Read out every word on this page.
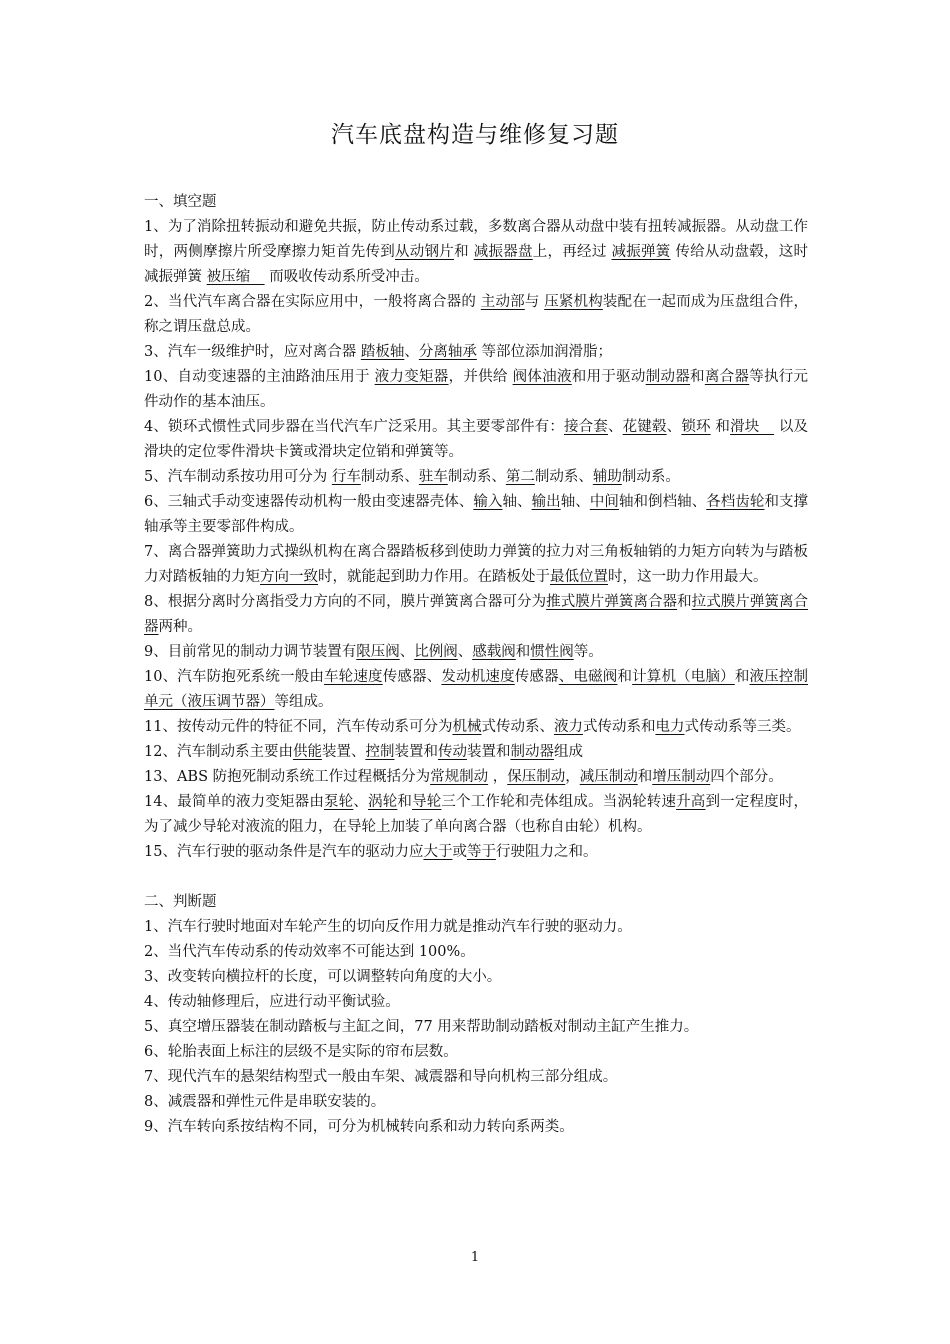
汽车底盘构造与维修复习题

一、填空题

1、为了消除扭转振动和避免共振，防止传动系过载，多数离合器从动盘中装有扭转减振器。从动盘工作时，两侧摩擦片所受摩擦力矩首先传到从动钢片和 减振器盘上，再经过 减振弹簧 传给从动盘毂，这时减振弹簧 被压缩　 而吸收传动系所受冲击。

2、当代汽车离合器在实际应用中，一般将离合器的 主动部与 压紧机构装配在一起而成为压盘组合件，称之谓压盘总成。

3、汽车一级维护时，应对离合器 踏板轴、分离轴承 等部位添加润滑脂；

10、自动变速器的主油路油压用于 液力变矩器，并供给 阀体油液和用于驱动制动器和离合器等执行元件动作的基本油压。

4、锁环式惯性式同步器在当代汽车广泛采用。其主要零部件有：接合套、花键毂、锁环 和滑块　 以及滑块的定位零件滑块卡簧或滑块定位销和弹簧等。

5、汽车制动系按功用可分为 行车制动系、驻车制动系、第二制动系、辅助制动系。

6、三轴式手动变速器传动机构一般由变速器壳体、输入轴、输出轴、中间轴和倒档轴、各档齿轮和支撑轴承等主要零部件构成。

7、离合器弹簧助力式操纵机构在离合器踏板移到使助力弹簧的拉力对三角板轴销的力矩方向转为与踏板力对踏板轴的力矩方向一致时，就能起到助力作用。在踏板处于最低位置时，这一助力作用最大。

8、根据分离时分离指受力方向的不同，膜片弹簧离合器可分为推式膜片弹簧离合器和拉式膜片弹簧离合器两种。

9、目前常见的制动力调节装置有限压阀、比例阀、感载阀和惯性阀等。

10、汽车防抱死系统一般由车轮速度传感器、发动机速度传感器、电磁阀和计算机（电脑）和液压控制单元（液压调节器）等组成。

11、按传动元件的特征不同，汽车传动系可分为机械式传动系、液力式传动系和电力式传动系等三类。

12、汽车制动系主要由供能装置、控制装置和传动装置和制动器组成

13、ABS 防抱死制动系统工作过程概括分为常规制动 ，保压制动，减压制动和增压制动四个部分。

14、最简单的液力变矩器由泵轮、涡轮和导轮三个工作轮和壳体组成。当涡轮转速升高到一定程度时，为了减少导轮对液流的阻力，在导轮上加装了单向离合器（也称自由轮）机构。

15、汽车行驶的驱动条件是汽车的驱动力应大于或等于行驶阻力之和。

二、判断题

1、汽车行驶时地面对车轮产生的切向反作用力就是推动汽车行驶的驱动力。

2、当代汽车传动系的传动效率不可能达到 100%。

3、改变转向横拉杆的长度，可以调整转向角度的大小。

4、传动轴修理后，应进行动平衡试验。

5、真空增压器装在制动踏板与主缸之间，77 用来帮助制动踏板对制动主缸产生推力。

6、轮胎表面上标注的层级不是实际的帘布层数。

7、现代汽车的悬架结构型式一般由车架、减震器和导向机构三部分组成。

8、减震器和弹性元件是串联安装的。

9、汽车转向系按结构不同，可分为机械转向系和动力转向系两类。

1
